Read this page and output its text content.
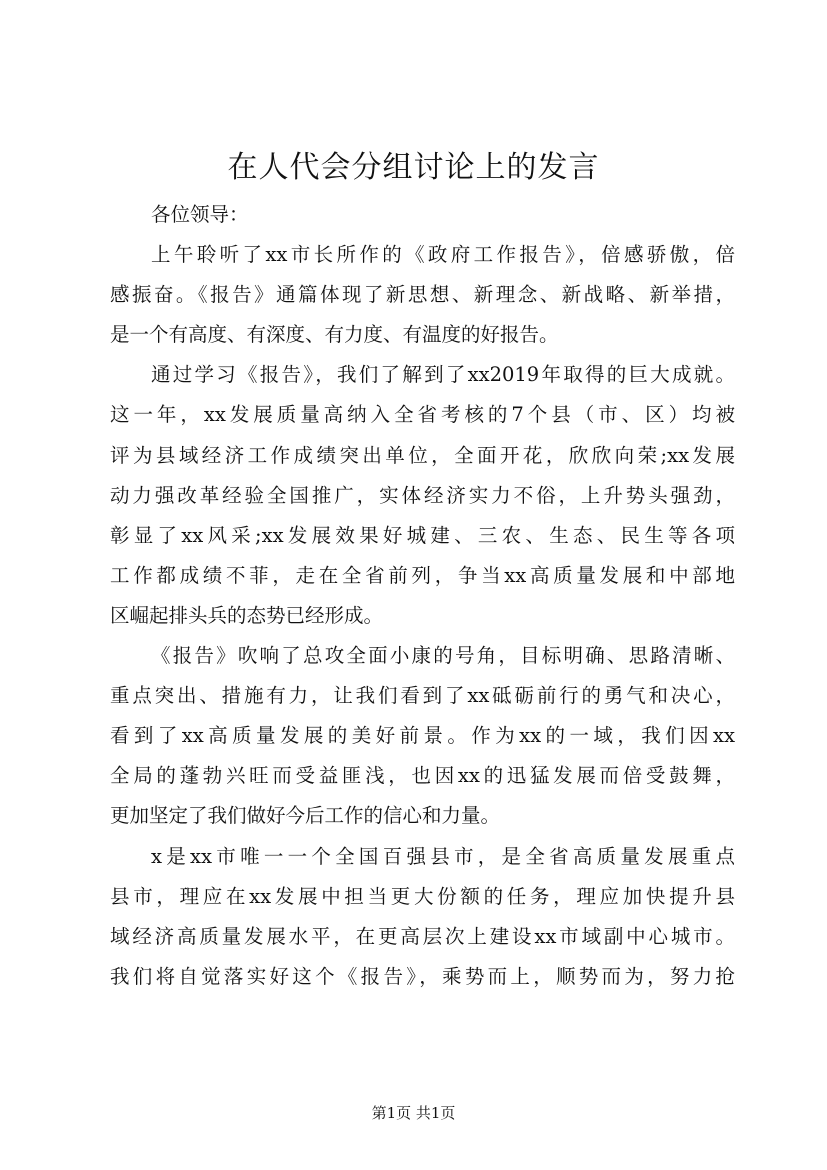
在人代会分组讨论上的发言
各位领导：
上午聆听了xx市长所作的《政府工作报告》，倍感骄傲，倍
感振奋。《报告》通篇体现了新思想、新理念、新战略、新举措，
是一个有高度、有深度、有力度、有温度的好报告。
通过学习《报告》，我们了解到了xx2019年取得的巨大成就。
这一年，xx发展质量高纳入全省考核的7个县（市、区）均被
评为县域经济工作成绩突出单位，全面开花，欣欣向荣;xx发展
动力强改革经验全国推广，实体经济实力不俗，上升势头强劲，
彰显了xx风采;xx发展效果好城建、三农、生态、民生等各项
工作都成绩不菲，走在全省前列，争当xx高质量发展和中部地
区崛起排头兵的态势已经形成。
《报告》吹响了总攻全面小康的号角，目标明确、思路清晰、
重点突出、措施有力，让我们看到了xx砥砺前行的勇气和决心，
看到了xx高质量发展的美好前景。作为xx的一域，我们因xx
全局的蓬勃兴旺而受益匪浅，也因xx的迅猛发展而倍受鼓舞，
更加坚定了我们做好今后工作的信心和力量。
x是xx市唯一一个全国百强县市，是全省高质量发展重点
县市，理应在xx发展中担当更大份额的任务，理应加快提升县
域经济高质量发展水平，在更高层次上建设xx市域副中心城市。
我们将自觉落实好这个《报告》，乘势而上，顺势而为，努力抢
第1页 共1页
